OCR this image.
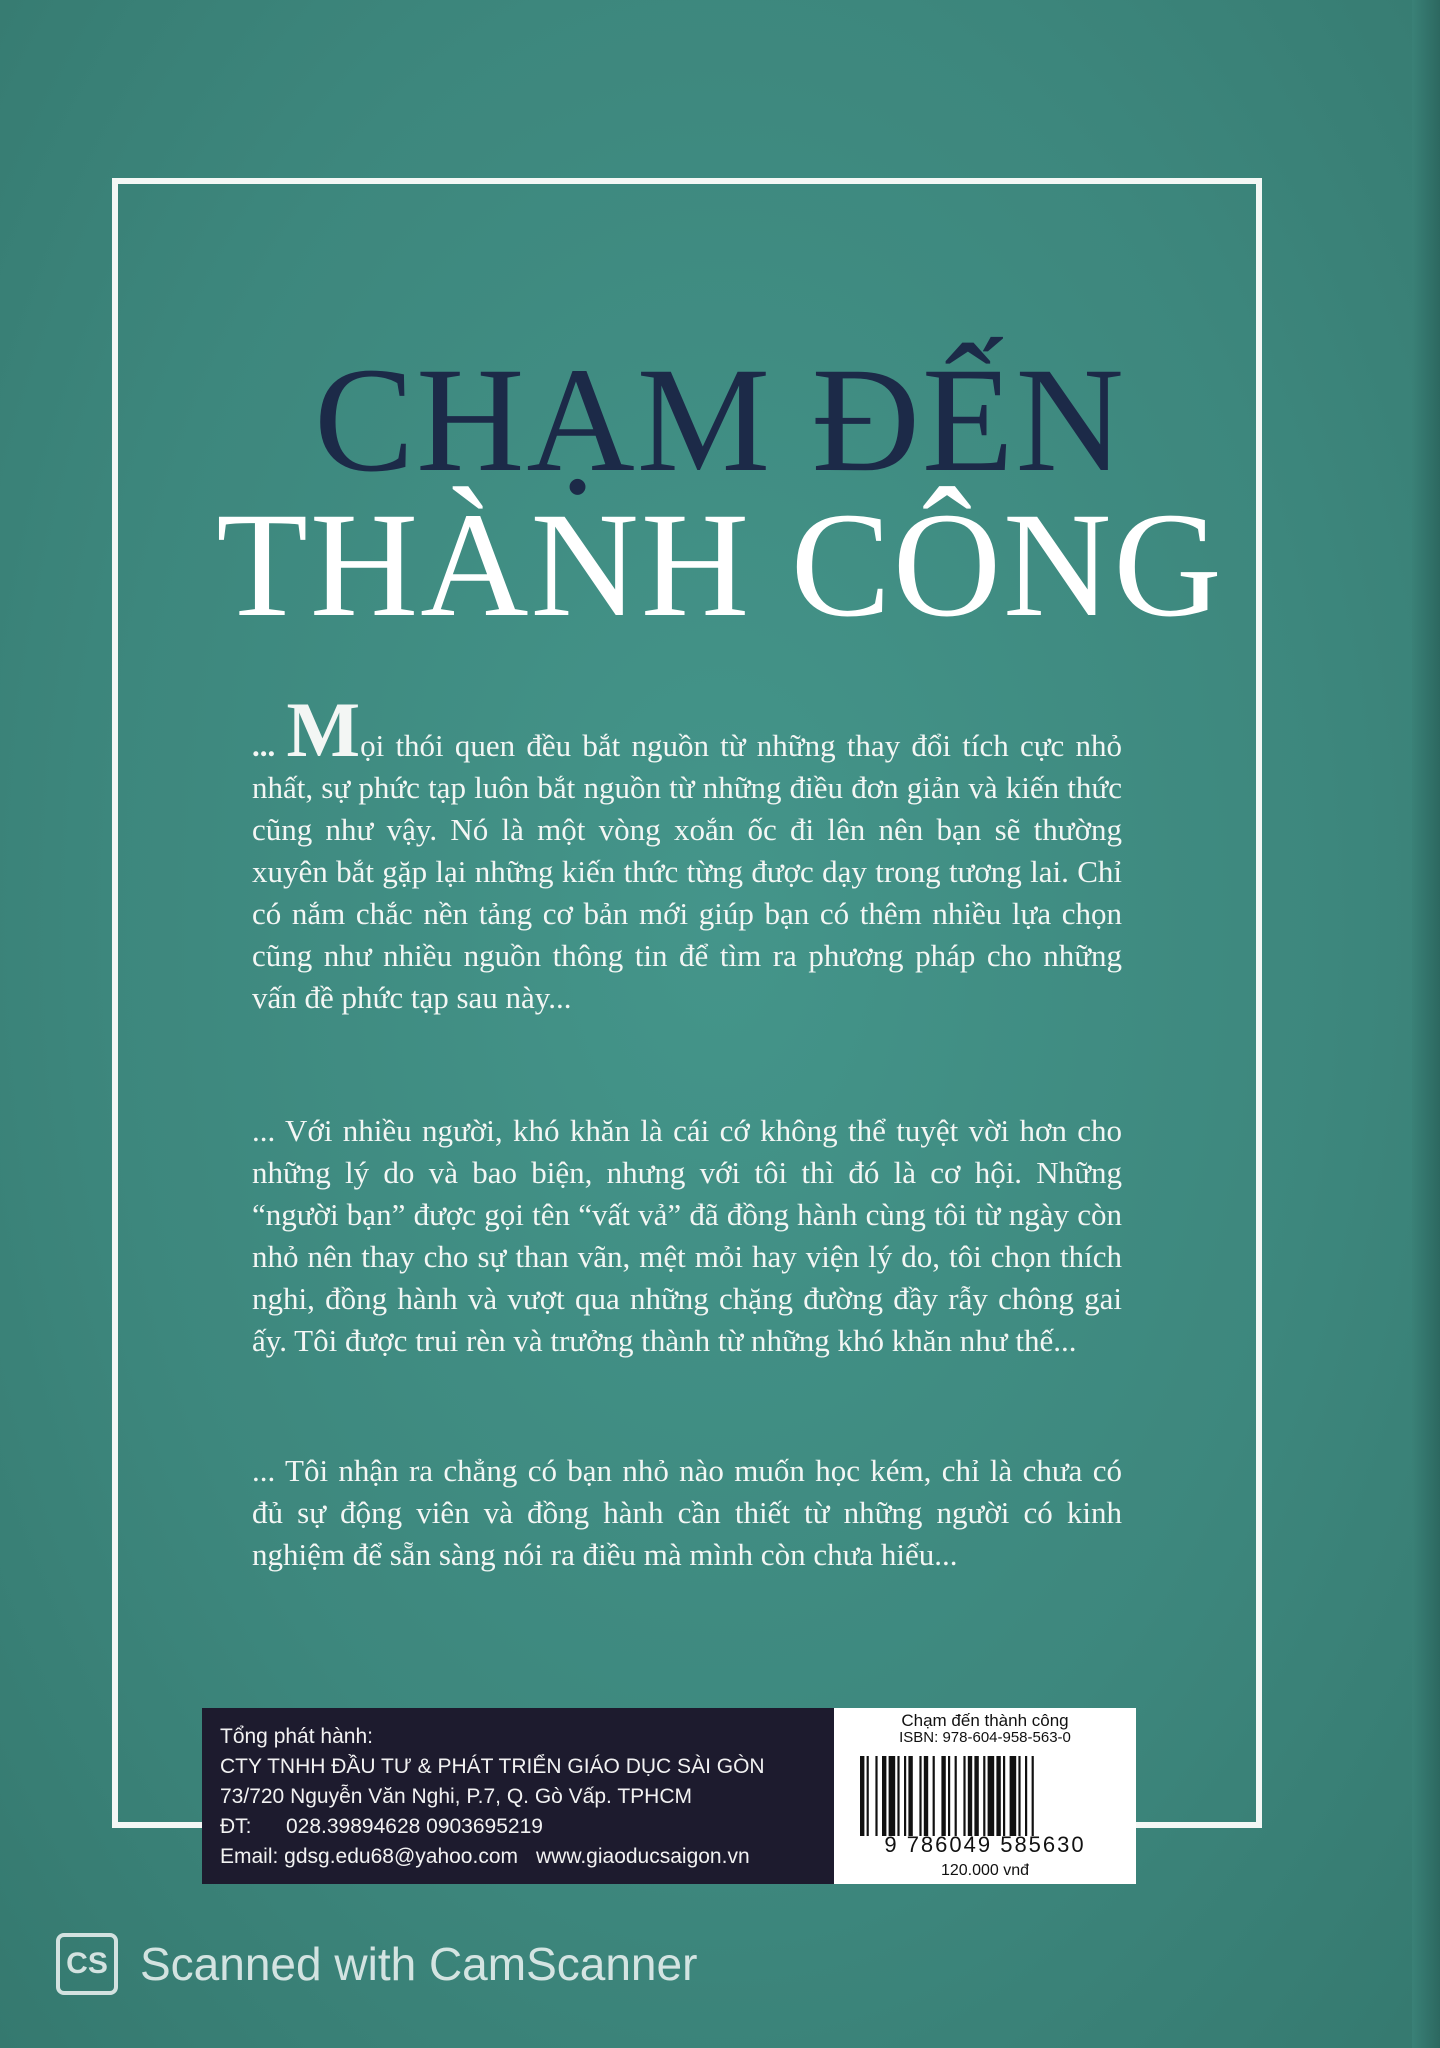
CHẠM ĐẾN
THÀNH CÔNG
... Mọi thói quen đều bắt nguồn từ những thay đổi tích cực nhỏ nhất, sự phức tạp luôn bắt nguồn từ những điều đơn giản và kiến thức cũng như vậy. Nó là một vòng xoắn ốc đi lên nên bạn sẽ thường xuyên bắt gặp lại những kiến thức từng được dạy trong tương lai. Chỉ có nắm chắc nền tảng cơ bản mới giúp bạn có thêm nhiều lựa chọn cũng như nhiều nguồn thông tin để tìm ra phương pháp cho những vấn đề phức tạp sau này...
... Với nhiều người, khó khăn là cái cớ không thể tuyệt vời hơn cho những lý do và bao biện, nhưng với tôi thì đó là cơ hội. Những “người bạn” được gọi tên “vất vả” đã đồng hành cùng tôi từ ngày còn nhỏ nên thay cho sự than vãn, mệt mỏi hay viện lý do, tôi chọn thích nghi, đồng hành và vượt qua những chặng đường đầy rẫy chông gai ấy. Tôi được trui rèn và trưởng thành từ những khó khăn như thế...
... Tôi nhận ra chẳng có bạn nhỏ nào muốn học kém, chỉ là chưa có đủ sự động viên và đồng hành cần thiết từ những người có kinh nghiệm để sẵn sàng nói ra điều mà mình còn chưa hiểu...
Tổng phát hành:
CTY TNHH ĐẦU TƯ & PHÁT TRIỂN GIÁO DỤC SÀI GÒN
73/720 Nguyễn Văn Nghi, P.7, Q. Gò Vấp. TPHCM
ĐT: 028.39894628 0903695219
Email: gdsg.edu68@yahoo.com www.giaoducsaigon.vn
Chạm đến thành công
ISBN: 978-604-958-563-0
9 786049 585630
120.000 vnđ
CS Scanned with CamScanner
